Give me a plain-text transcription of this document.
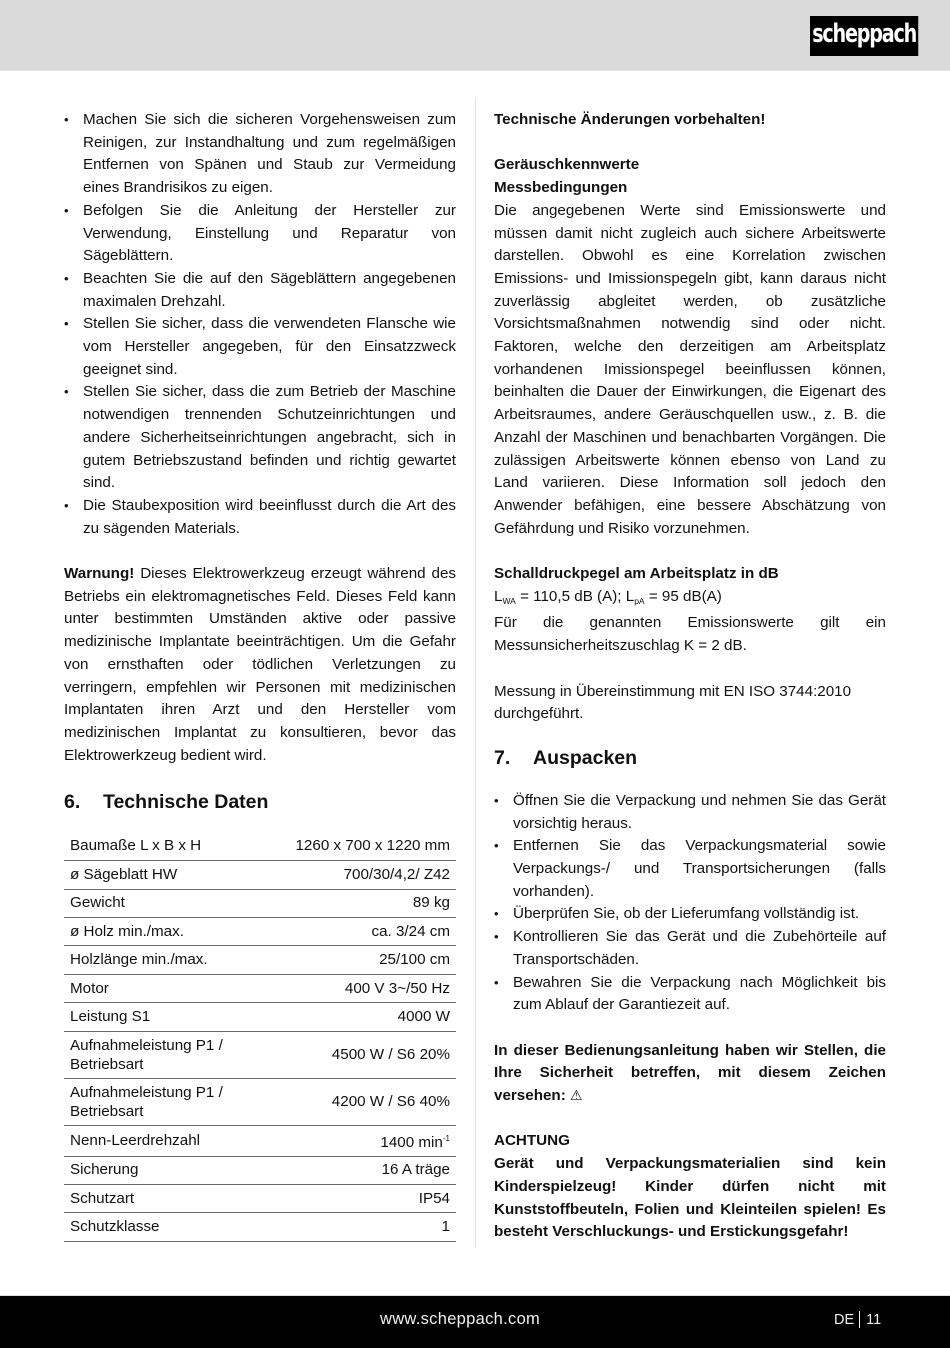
scheppach
• Machen Sie sich die sicheren Vorgehensweisen zum Reinigen, zur Instandhaltung und zum regelmäßigen Entfernen von Spänen und Staub zur Vermeidung eines Brandrisikos zu eigen.
• Befolgen Sie die Anleitung der Hersteller zur Verwendung, Einstellung und Reparatur von Sägeblättern.
• Beachten Sie die auf den Sägeblättern angegebenen maximalen Drehzahl.
• Stellen Sie sicher, dass die verwendeten Flansche wie vom Hersteller angegeben, für den Einsatzzweck geeignet sind.
• Stellen Sie sicher, dass die zum Betrieb der Maschine notwendigen trennenden Schutzeinrichtungen und andere Sicherheitseinrichtungen angebracht, sich in gutem Betriebszustand befinden und richtig gewartet sind.
• Die Staubexposition wird beeinflusst durch die Art des zu sägenden Materials.

Warnung! Dieses Elektrowerkzeug erzeugt während des Betriebs ein elektromagnetisches Feld. Dieses Feld kann unter bestimmten Umständen aktive oder passive medizinische Implantate beeinträchtigen. Um die Gefahr von ernsthaften oder tödlichen Verletzungen zu verringern, empfehlen wir Personen mit medizinischen Implantaten ihren Arzt und den Hersteller vom medizinischen Implantat zu konsultieren, bevor das Elektrowerkzeug bedient wird.

6.	Technische Daten
Baumaße L x B x H	1260 x 700 x 1220 mm
ø Sägeblatt HW	700/30/4,2/ Z42
Gewicht	89 kg
ø Holz min./max.	ca. 3/24 cm
Holzlänge min./max.	25/100 cm
Motor	400 V 3~/50 Hz
Leistung S1	4000 W
Aufnahmeleistung P1 / Betriebsart	4500 W / S6 20%
Aufnahmeleistung P1 / Betriebsart	4200 W / S6 40%
Nenn-Leerdrehzahl	1400 $\min^{-1}$
Sicherung	16 A träge
Schutzart	IP54
Schutzklasse	1

Technische Änderungen vorbehalten!

Geräuschkennwerte

Messbedingungen

Die angegebenen Werte sind Emissionswerte und müssen damit nicht zugleich auch sichere Arbeitswerte darstellen. Obwohl es eine Korrelation zwischen Emissions- und Imissionspegeln gibt, kann daraus nicht zuverlässig abgleitet werden, ob zusätzliche Vorsichtsmaßnahmen notwendig sind oder nicht. Faktoren, welche den derzeitigen am Arbeitsplatz vorhandenen Imissionspegel beeinflussen können, beinhalten die Dauer der Einwirkungen, die Eigenart des Arbeitsraumes, andere Geräuschquellen usw., z. B. die Anzahl der Maschinen und benachbarten Vorgängen. Die zulässigen Arbeitswerte können ebenso von Land zu Land variieren. Diese Information soll jedoch den Anwender befähigen, eine bessere Abschätzung von Gefährdung und Risiko vorzunehmen.

Schalldruckpegel am Arbeitsplatz in dB

$L_{WA} = 110,5$ dB (A); $L_{pA} = 95$ dB(A)

Für die genannten Emissionswerte gilt ein Messunsicherheitszuschlag K = 2 dB.

Messung in Übereinstimmung mit EN ISO 3744:2010 durchgeführt.

7.	Auspacken
• Öffnen Sie die Verpackung und nehmen Sie das Gerät vorsichtig heraus.
• Entfernen Sie das Verpackungsmaterial sowie Verpackungs-/ und Transportsicherungen (falls vorhanden).
• Überprüfen Sie, ob der Lieferumfang vollständig ist.
• Kontrollieren Sie das Gerät und die Zubehörteile auf Transportschäden.
• Bewahren Sie die Verpackung nach Möglichkeit bis zum Ablauf der Garantiezeit auf.

In dieser Bedienungsanleitung haben wir Stellen, die Ihre Sicherheit betreffen, mit diesem Zeichen versehen: ⚠

ACHTUNG

Gerät und Verpackungsmaterialien sind kein Kinderspielzeug! Kinder dürfen nicht mit Kunststoffbeuteln, Folien und Kleinteilen spielen! Es besteht Verschluckungs- und Erstickungsgefahr!

www.scheppach.com	DE 11
